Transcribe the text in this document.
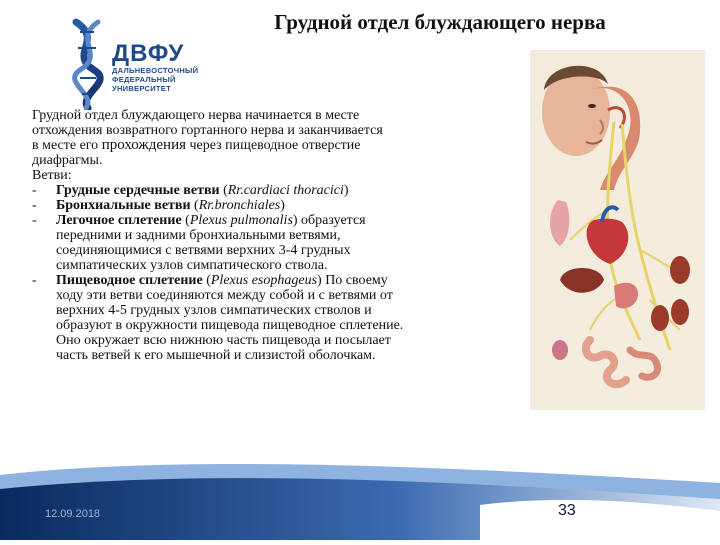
Грудной отдел блуждающего нерва
ДВФУ
ДАЛЬНЕВОСТОЧНЫЙ
ФЕДЕРАЛЬНЫЙ
УНИВЕРСИТЕТ

Грудной отдел блуждающего нерва начинается в месте

отхождения возвратного гортанного нерва и заканчивается

в месте его прохождения через пищеводное отверстие

диафрагмы.

Ветви:

- Грудные сердечные ветви (Rr.cardiaci thoracici)

- Бронхиальные ветви (Rr.bronchiales)

- Легочное сплетение (Plexus pulmonalis) образуется
передними и задними бронхиальными ветвями,
соединяющимися с ветвями верхних 3-4 грудных
симпатических узлов симпатического ствола.
- Пищеводное сплетение (Plexus esophageus) По своему
ходу эти ветви соединяются между собой и с ветвями от
верхних 4-5 грудных узлов симпатических стволов и
образуют в окружности пищевода пищеводное сплетение.
Оно окружает всю нижнюю часть пищевода и посылает
часть ветвей к его мышечной и слизистой оболочкам.
12.09.2018	33
